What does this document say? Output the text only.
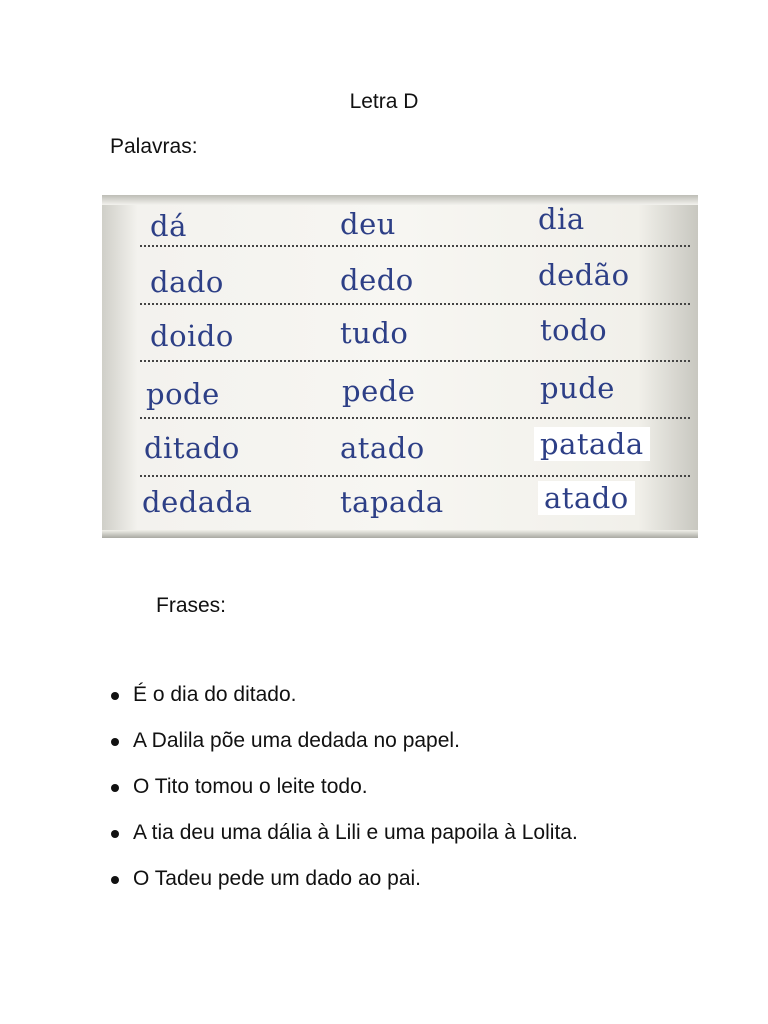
Letra D
Palavras:
dá	deu	dia
dado	dedo	dedão
doido	tudo	todo
pode	pede	pude
ditado	atado	patada
dedada	tapada	atado
Frases:
É o dia do ditado.
A Dalila põe uma dedada no papel.
O Tito tomou o leite todo.
A tia deu uma dália à Lili e uma papoila à Lolita.
O Tadeu pede um dado ao pai.
